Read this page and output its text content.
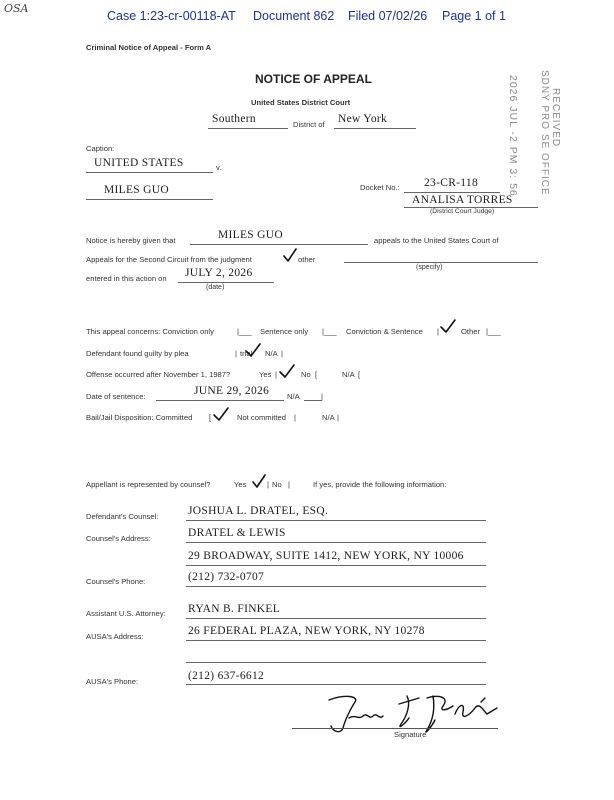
OSA
Case 1:23-cr-00118-AT Document 862 Filed 07/02/26 Page 1 of 1
Criminal Notice of Appeal - Form A
NOTICE OF APPEAL
United States District Court
Southern	District of New York	RECEIVED
SDNY PRO SE OFFICE
2026 JUL -2 PM 3: 56
Caption:
UNITED STATES	v.
MILES GUO	Docket No.: 23-CR-118
ANALISA TORRES
(District Court Judge)
Notice is hereby given that	MILES GUO	appeals to the United States Court of
Appeals for the Second Circuit from the judgment	other
(specify)
entered in this action on JULY 2, 2026
(date)
This appeal concerns: Conviction only	|___ Sentence only |___ Conviction & Sentence |	Other |___
Defendant found guilty by plea	| trial N/A |
Offense occurred after November 1, 1987?	Yes |	No [	N/A [
Date of sentence:	JUNE 29, 2026 N/A	|
Bail/Jail Disposition: Committed [	Not committed |	N/A |
Appellant is represented by counsel?	Yes	| No |	If yes, provide the following information:
Defendant's Counsel:	JOSHUA L. DRATEL, ESQ.
Counsel's Address:	DRATEL & LEWIS
29 BROADWAY, SUITE 1412, NEW YORK, NY 10006
Counsel's Phone:	(212) 732-0707
Assistant U.S. Attorney: RYAN B. FINKEL
AUSA's Address:	26 FEDERAL PLAZA, NEW YORK, NY 10278
AUSA's Phone:	(212) 637-6612
Signature
